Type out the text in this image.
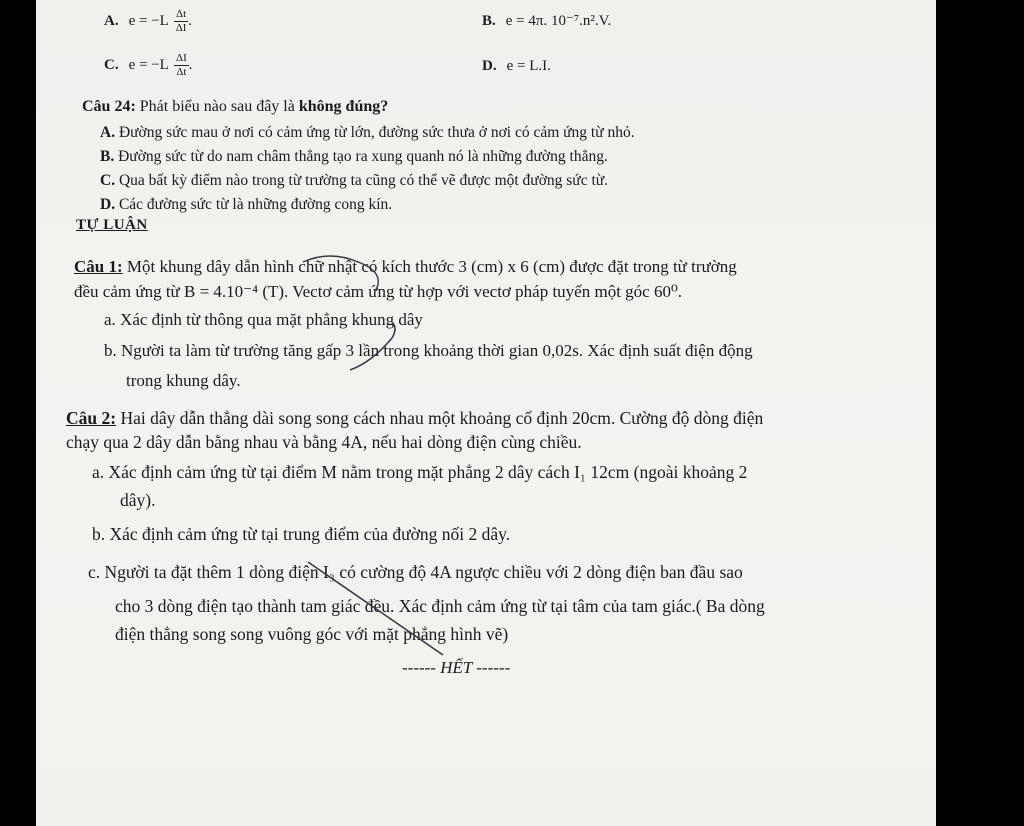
A. $e = -L \frac{\Delta t}{\Delta I}$ .	B. e = 4π. 10⁻⁷.n².V.
C. $e = -L \frac{\Delta I}{\Delta t}$ .	D. e = L.I.
Câu 24: Phát biểu nào sau đây là không đúng?
A. Đường sức mau ở nơi có cảm ứng từ lớn, đường sức thưa ở nơi có cảm ứng từ nhỏ.
B. Đường sức từ do nam châm thẳng tạo ra xung quanh nó là những đường thẳng.
C. Qua bất kỳ điểm nào trong từ trường ta cũng có thể vẽ được một đường sức từ.
D. Các đường sức từ là những đường cong kín.
TỰ LUẬN
Câu 1: Một khung dây dẫn hình chữ nhật có kích thước 3 (cm) x 6 (cm) được đặt trong từ trường
đều cảm ứng từ B = 4.10⁻⁴ (T). Vectơ cảm ứng từ hợp với vectơ pháp tuyến một góc 60⁰.
a. Xác định từ thông qua mặt phẳng khung dây
b. Người ta làm từ trường tăng gấp 3 lần trong khoảng thời gian 0,02s. Xác định suất điện động
trong khung dây.
Câu 2: Hai dây dẫn thẳng dài song song cách nhau một khoảng cố định 20cm. Cường độ dòng điện
chạy qua 2 dây dẫn bằng nhau và bằng 4A, nếu hai dòng điện cùng chiều.
a. Xác định cảm ứng từ tại điểm M nằm trong mặt phẳng 2 dây cách I₁ 12cm (ngoài khoảng 2
dây).
b. Xác định cảm ứng từ tại trung điểm của đường nối 2 dây.
c. Người ta đặt thêm 1 dòng điện I₃ có cường độ 4A ngược chiều với 2 dòng điện ban đầu sao
cho 3 dòng điện tạo thành tam giác đều. Xác định cảm ứng từ tại tâm của tam giác.( Ba dòng
điện thẳng song song vuông góc với mặt phẳng hình vẽ)
------ HẾT ------
